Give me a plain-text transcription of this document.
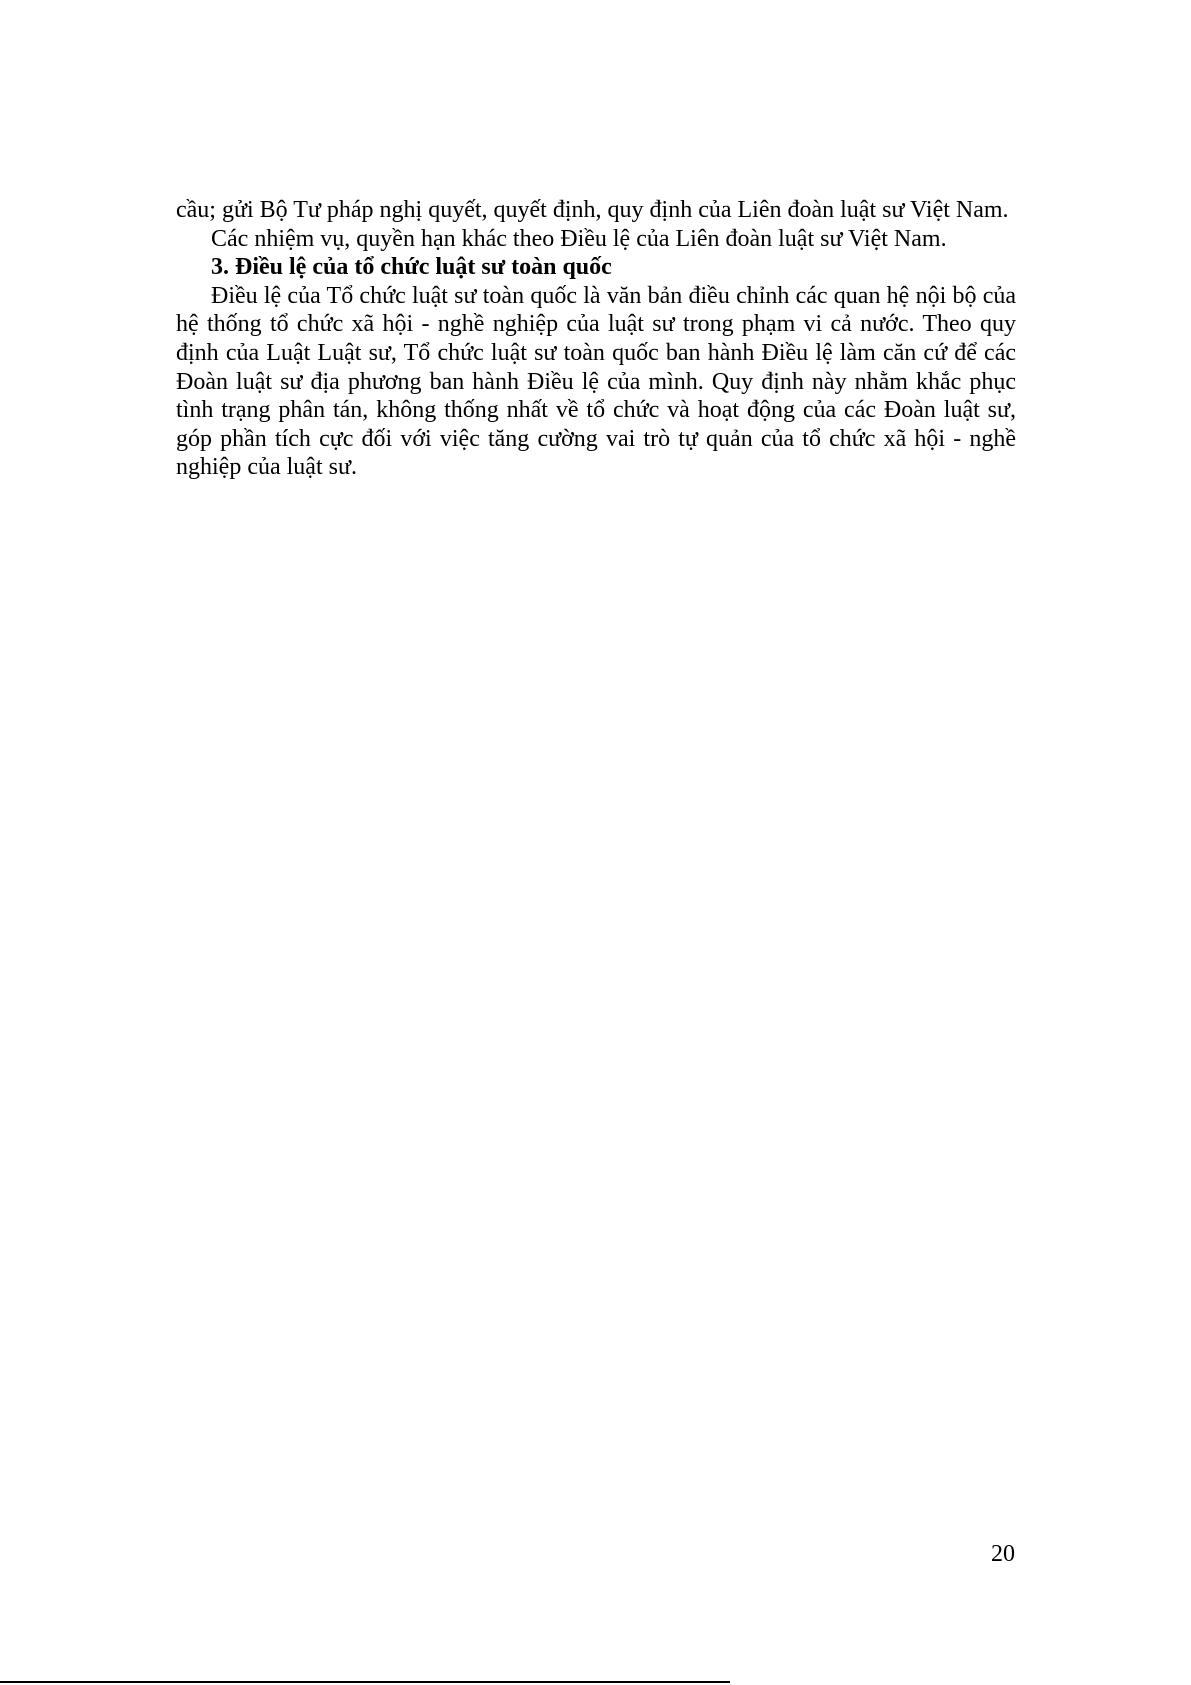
cầu; gửi Bộ Tư pháp nghị quyết, quyết định, quy định của Liên đoàn luật sư Việt Nam.

Các nhiệm vụ, quyền hạn khác theo Điều lệ của Liên đoàn luật sư Việt Nam.

3. Điều lệ của tổ chức luật sư toàn quốc

Điều lệ của Tổ chức luật sư toàn quốc là văn bản điều chỉnh các quan hệ nội bộ của hệ thống tổ chức xã hội - nghề nghiệp của luật sư trong phạm vi cả nước. Theo quy định của Luật Luật sư, Tổ chức luật sư toàn quốc ban hành Điều lệ làm căn cứ để các Đoàn luật sư địa phương ban hành Điều lệ của mình. Quy định này nhằm khắc phục tình trạng phân tán, không thống nhất về tổ chức và hoạt động của các Đoàn luật sư, góp phần tích cực đối với việc tăng cường vai trò tự quản của tổ chức xã hội - nghề nghiệp của luật sư.

20
